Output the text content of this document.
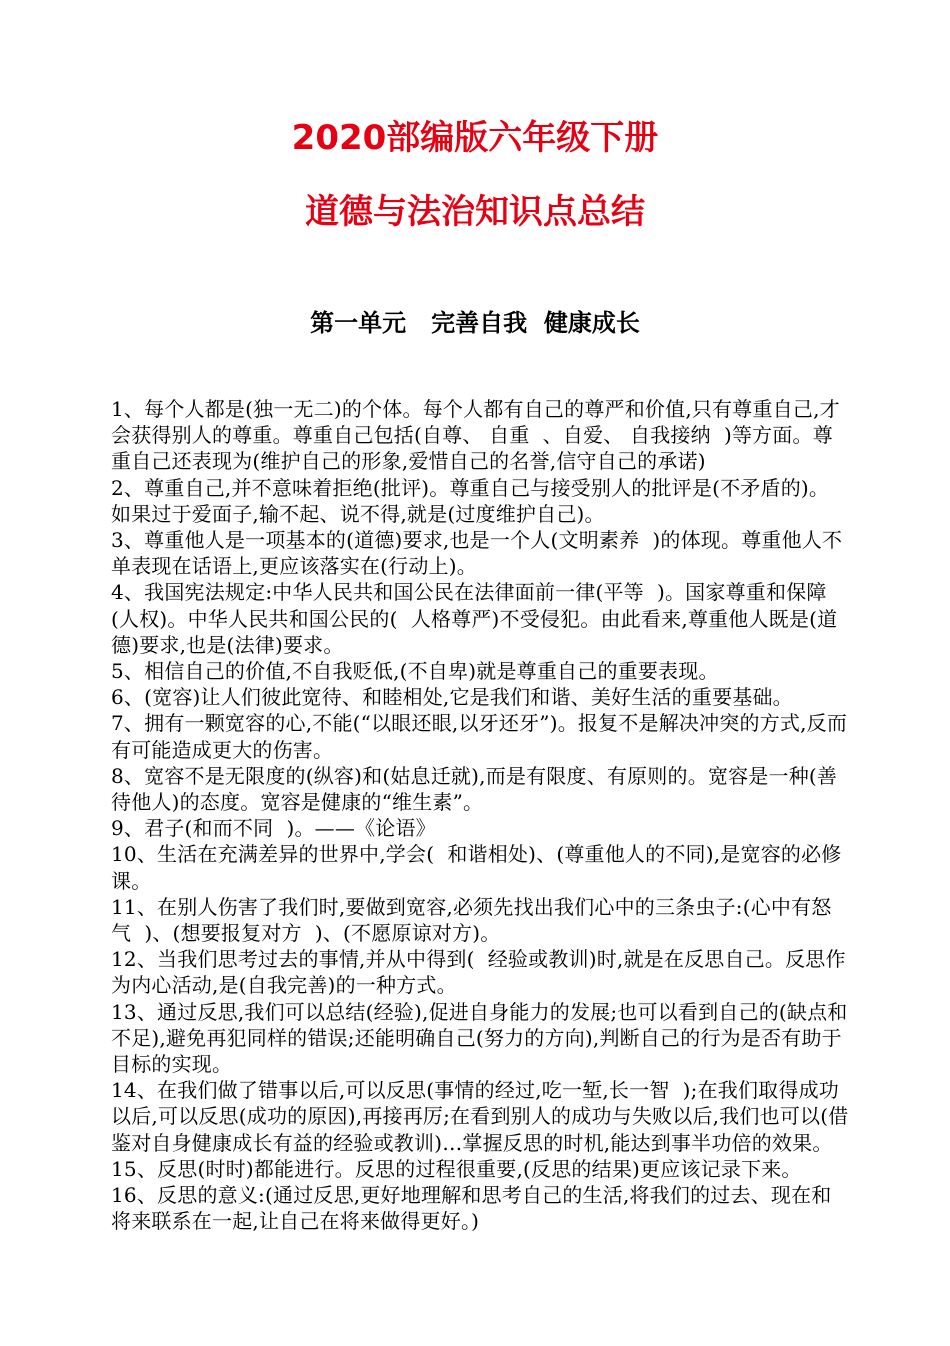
2020部编版六年级下册
道德与法治知识点总结
第一单元   完善自我  健康成长

1、每个人都是(独一无二)的个体。每个人都有自己的尊严和价值,只有尊重自己,才会获得别人的尊重。尊重自己包括(自尊、 自重  、自爱、 自我接纳  )等方面。尊重自己还表现为(维护自己的形象,爱惜自己的名誉,信守自己的承诺)

2、尊重自己,并不意味着拒绝(批评)。尊重自己与接受别人的批评是(不矛盾的)。如果过于爱面子,输不起、说不得,就是(过度维护自己)。

3、尊重他人是一项基本的(道德)要求,也是一个人(文明素养  )的体现。尊重他人不单表现在话语上,更应该落实在(行动上)。

4、我国宪法规定:中华人民共和国公民在法律面前一律(平等  )。国家尊重和保障(人权)。中华人民共和国公民的(  人格尊严)不受侵犯。由此看来,尊重他人既是(道德)要求,也是(法律)要求。

5、相信自己的价值,不自我贬低,(不自卑)就是尊重自己的重要表现。

6、(宽容)让人们彼此宽待、和睦相处,它是我们和谐、美好生活的重要基础。

7、拥有一颗宽容的心,不能(“以眼还眼,以牙还牙”)。报复不是解决冲突的方式,反而有可能造成更大的伤害。

8、宽容不是无限度的(纵容)和(姑息迁就),而是有限度、有原则的。宽容是一种(善待他人)的态度。宽容是健康的“维生素”。

9、君子(和而不同  )。——《论语》

10、生活在充满差异的世界中,学会(  和谐相处)、(尊重他人的不同),是宽容的必修课。

11、在别人伤害了我们时,要做到宽容,必须先找出我们心中的三条虫子:(心中有怒气  )、(想要报复对方  )、(不愿原谅对方)。

12、当我们思考过去的事情,并从中得到(  经验或教训)时,就是在反思自己。反思作为内心活动,是(自我完善)的一种方式。

13、通过反思,我们可以总结(经验),促进自身能力的发展;也可以看到自己的(缺点和不足),避免再犯同样的错误;还能明确自己(努力的方向),判断自己的行为是否有助于目标的实现。

14、在我们做了错事以后,可以反思(事情的经过,吃一堑,长一智  );在我们取得成功以后,可以反思(成功的原因),再接再厉;在看到别人的成功与失败以后,我们也可以(借鉴对自身健康成长有益的经验或教训)…掌握反思的时机,能达到事半功倍的效果。

15、反思(时时)都能进行。反思的过程很重要,(反思的结果)更应该记录下来。

16、反思的意义:(通过反思,更好地理解和思考自己的生活,将我们的过去、现在和将来联系在一起,让自己在将来做得更好。)
